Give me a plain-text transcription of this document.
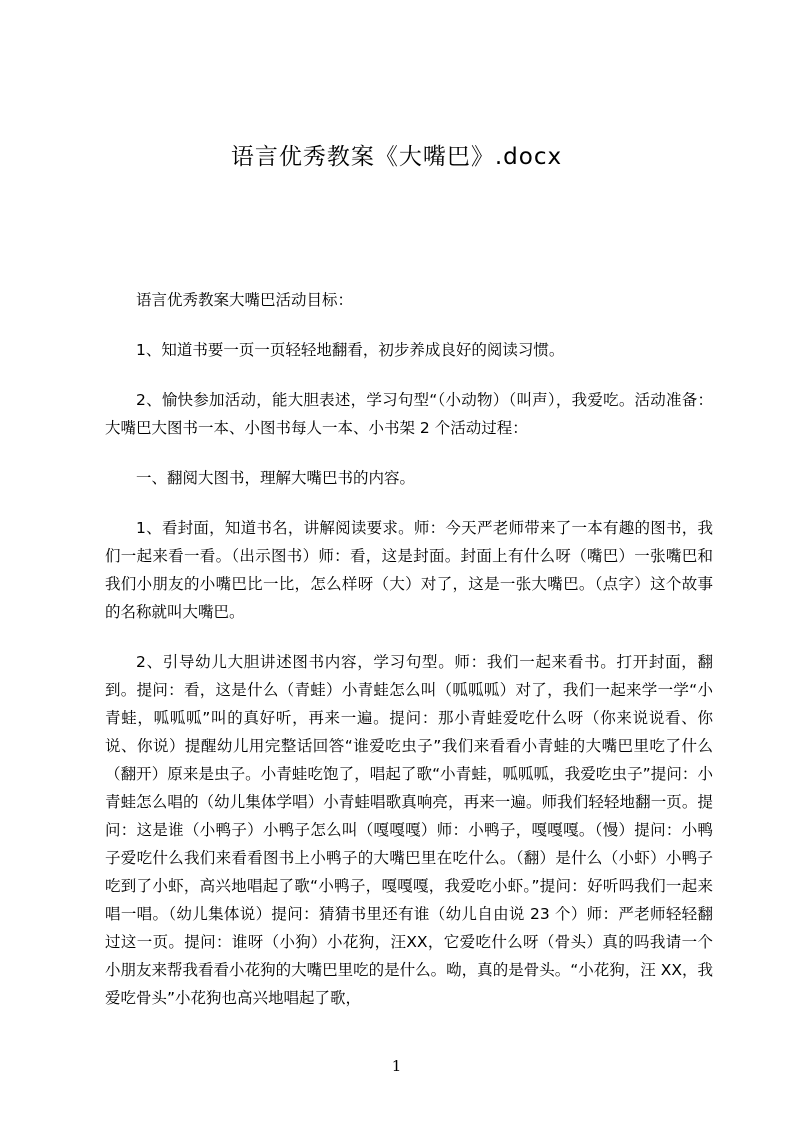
语言优秀教案《大嘴巴》.docx

语言优秀教案大嘴巴活动目标：

1、知道书要一页一页轻轻地翻看，初步养成良好的阅读习惯。

2、愉快参加活动，能大胆表述，学习句型“（小动物）（叫声），我爱吃。活动准备：大嘴巴大图书一本、小图书每人一本、小书架 2 个活动过程：

一、翻阅大图书，理解大嘴巴书的内容。

1、看封面，知道书名，讲解阅读要求。师：今天严老师带来了一本有趣的图书，我们一起来看一看。（出示图书）师：看，这是封面。封面上有什么呀（嘴巴）一张嘴巴和我们小朋友的小嘴巴比一比，怎么样呀（大）对了，这是一张大嘴巴。（点字）这个故事的名称就叫大嘴巴。

2、引导幼儿大胆讲述图书内容，学习句型。师：我们一起来看书。打开封面，翻到。提问：看，这是什么（青蛙）小青蛙怎么叫（呱呱呱）对了，我们一起来学一学“小青蛙，呱呱呱”叫的真好听，再来一遍。提问：那小青蛙爱吃什么呀（你来说说看、你说、你说）提醒幼儿用完整话回答“谁爱吃虫子”我们来看看小青蛙的大嘴巴里吃了什么（翻开）原来是虫子。小青蛙吃饱了，唱起了歌“小青蛙，呱呱呱，我爱吃虫子”提问：小青蛙怎么唱的（幼儿集体学唱）小青蛙唱歌真响亮，再来一遍。师我们轻轻地翻一页。提问：这是谁（小鸭子）小鸭子怎么叫（嘎嘎嘎）师：小鸭子，嘎嘎嘎。（慢）提问：小鸭子爱吃什么我们来看看图书上小鸭子的大嘴巴里在吃什么。（翻）是什么（小虾）小鸭子吃到了小虾，高兴地唱起了歌“小鸭子，嘎嘎嘎，我爱吃小虾。”提问：好听吗我们一起来唱一唱。（幼儿集体说）提问：猜猜书里还有谁（幼儿自由说 23 个）师：严老师轻轻翻过这一页。提问：谁呀（小狗）小花狗，汪XX，它爱吃什么呀（骨头）真的吗我请一个小朋友来帮我看看小花狗的大嘴巴里吃的是什么。呦，真的是骨头。“小花狗，汪 XX，我爱吃骨头”小花狗也高兴地唱起了歌，

1
